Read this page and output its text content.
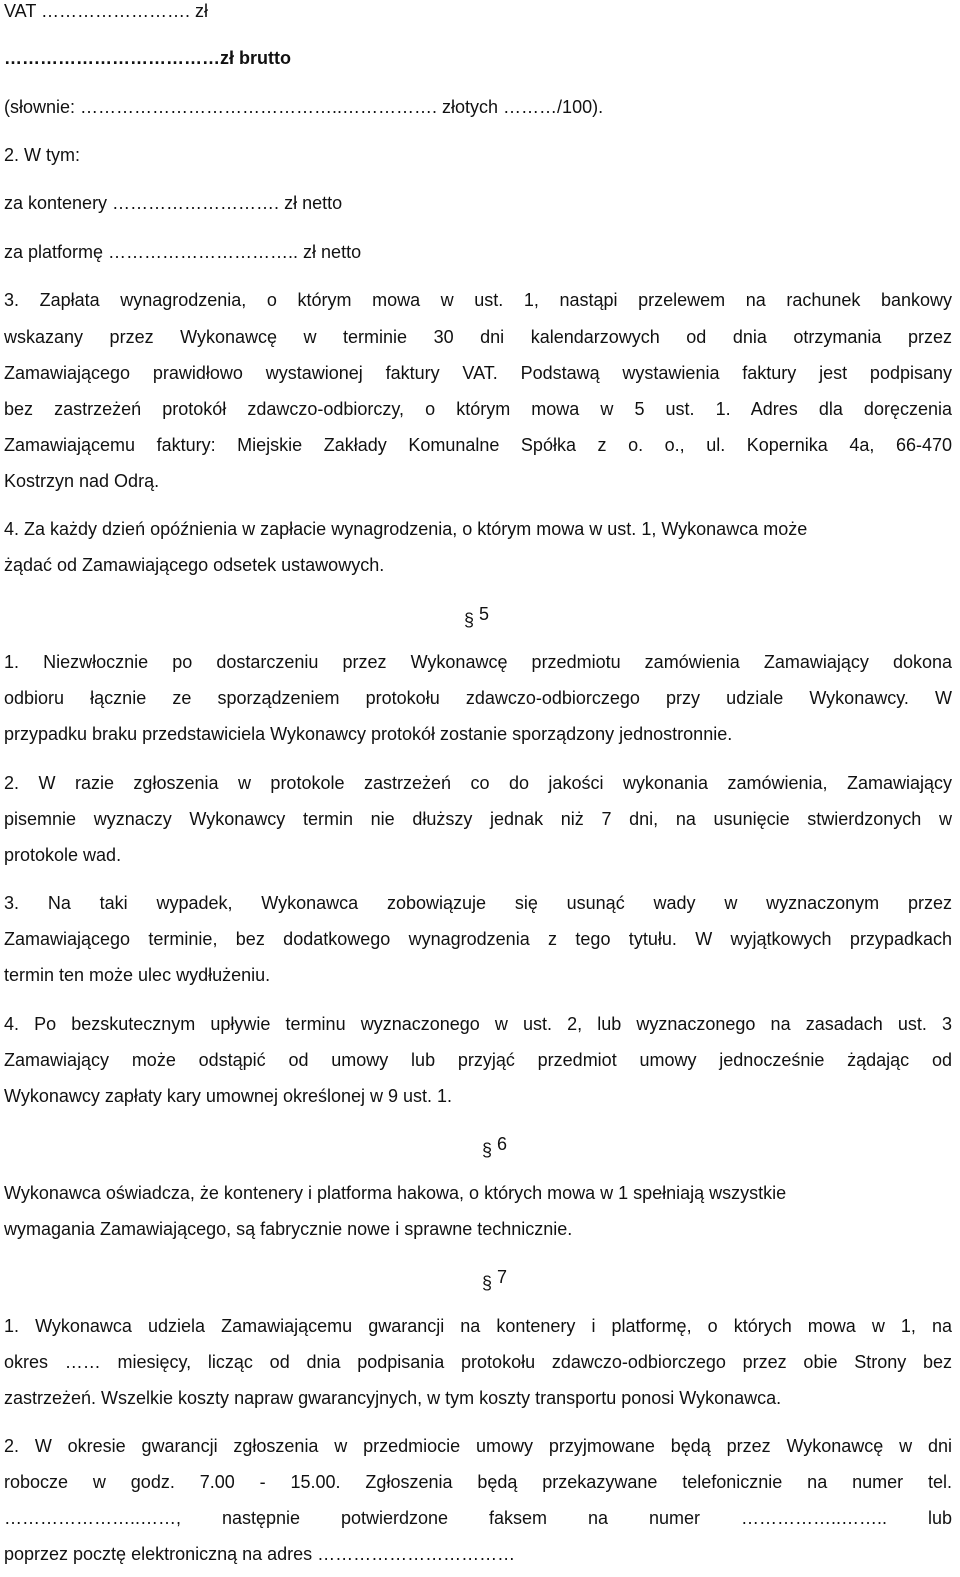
VAT ……………………. zł
………………………………zł brutto
(słownie: ……………………………………..……………. złotych ………/100).
2. W tym:
za kontenery ………………………. zł netto
za platformę ………………………….. zł netto
3. Zapłata wynagrodzenia, o którym mowa w ust. 1, nastąpi przelewem na rachunek bankowy
wskazany przez Wykonawcę w terminie 30 dni kalendarzowych od dnia otrzymania przez
Zamawiającego prawidłowo wystawionej faktury VAT. Podstawą wystawienia faktury jest podpisany
bez zastrzeżeń protokół zdawczo-odbiorczy, o którym mowa w 5 ust. 1. Adres dla doręczenia
Zamawiającemu faktury: Miejskie Zakłady Komunalne Spółka z o. o., ul. Kopernika 4a, 66-470
Kostrzyn nad Odrą.
4. Za każdy dzień opóźnienia w zapłacie wynagrodzenia, o którym mowa w ust. 1, Wykonawca może
żądać od Zamawiającego odsetek ustawowych.
§ 5
1. Niezwłocznie po dostarczeniu przez Wykonawcę przedmiotu zamówienia Zamawiający dokona
odbioru łącznie ze sporządzeniem protokołu zdawczo-odbiorczego przy udziale Wykonawcy. W
przypadku braku przedstawiciela Wykonawcy protokół zostanie sporządzony jednostronnie.
2. W razie zgłoszenia w protokole zastrzeżeń co do jakości wykonania zamówienia, Zamawiający
pisemnie wyznaczy Wykonawcy termin nie dłuższy jednak niż 7 dni, na usunięcie stwierdzonych w
protokole wad.
3. Na taki wypadek, Wykonawca zobowiązuje się usunąć wady w wyznaczonym przez
Zamawiającego terminie, bez dodatkowego wynagrodzenia z tego tytułu. W wyjątkowych przypadkach
termin ten może ulec wydłużeniu.
4. Po bezskutecznym upływie terminu wyznaczonego w ust. 2, lub wyznaczonego na zasadach ust. 3
Zamawiający może odstąpić od umowy lub przyjąć przedmiot umowy jednocześnie żądając od
Wykonawcy zapłaty kary umownej określonej w 9 ust. 1.
§ 6
Wykonawca oświadcza, że kontenery i platforma hakowa, o których mowa w 1 spełniają wszystkie
wymagania Zamawiającego, są fabrycznie nowe i sprawne technicznie.
§ 7
1. Wykonawca udziela Zamawiającemu gwarancji na kontenery i platformę, o których mowa w 1, na
okres …… miesięcy, licząc od dnia podpisania protokołu zdawczo-odbiorczego przez obie Strony bez
zastrzeżeń. Wszelkie koszty napraw gwarancyjnych, w tym koszty transportu ponosi Wykonawca.
2. W okresie gwarancji zgłoszenia w przedmiocie umowy przyjmowane będą przez Wykonawcę w dni
robocze w godz. 7.00 - 15.00. Zgłoszenia będą przekazywane telefonicznie na numer tel.
…………………..……, następnie potwierdzone faksem na numer ……………..…….. lub
poprzez pocztę elektroniczną na adres ……………………………
